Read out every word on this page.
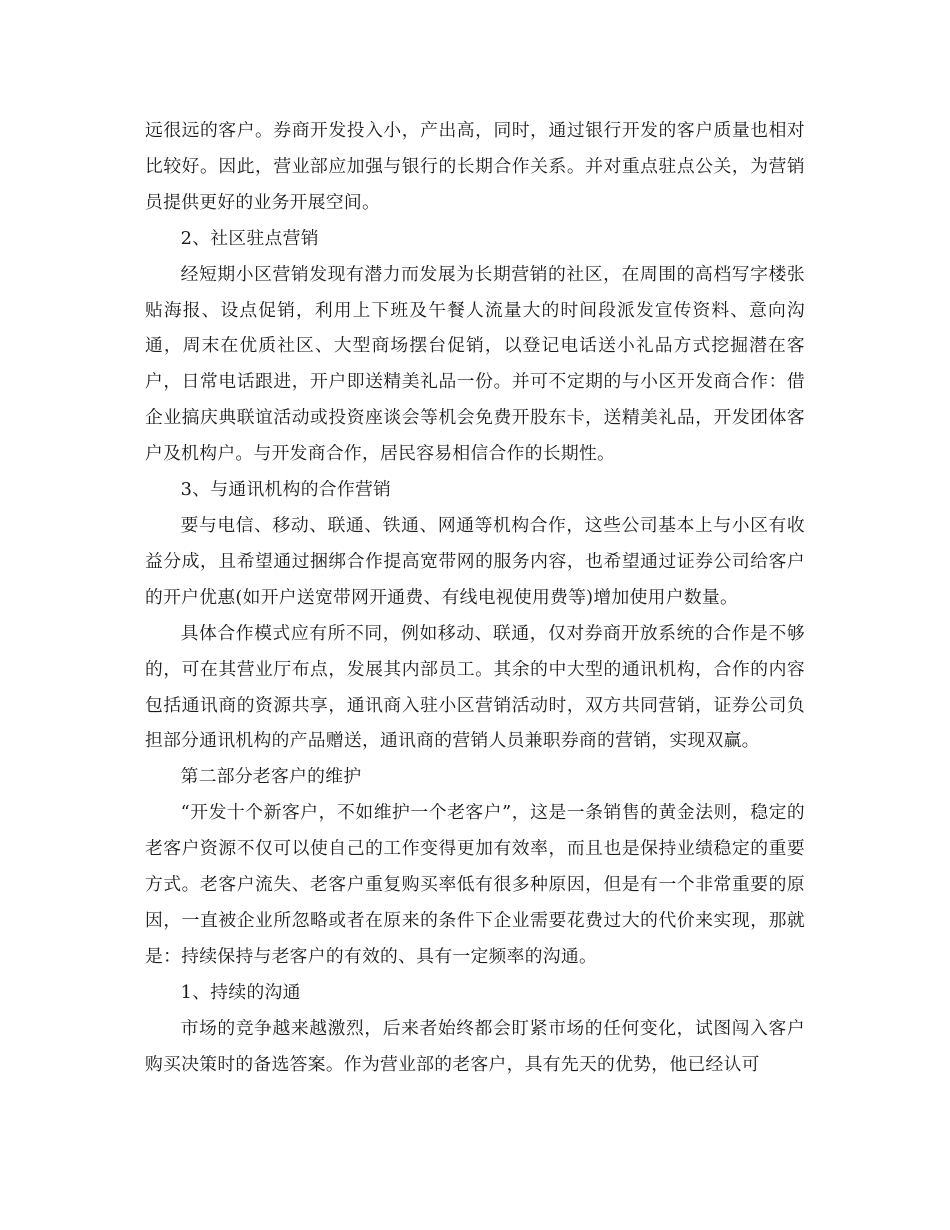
远很远的客户。券商开发投入小，产出高，同时，通过银行开发的客户质量也相对比较好。因此，营业部应加强与银行的长期合作关系。并对重点驻点公关，为营销员提供更好的业务开展空间。

2、社区驻点营销

经短期小区营销发现有潜力而发展为长期营销的社区，在周围的高档写字楼张贴海报、设点促销，利用上下班及午餐人流量大的时间段派发宣传资料、意向沟通，周末在优质社区、大型商场摆台促销，以登记电话送小礼品方式挖掘潜在客户，日常电话跟进，开户即送精美礼品一份。并可不定期的与小区开发商合作：借企业搞庆典联谊活动或投资座谈会等机会免费开股东卡，送精美礼品，开发团体客户及机构户。与开发商合作，居民容易相信合作的长期性。

3、与通讯机构的合作营销

要与电信、移动、联通、铁通、网通等机构合作，这些公司基本上与小区有收益分成，且希望通过捆绑合作提高宽带网的服务内容，也希望通过证券公司给客户的开户优惠(如开户送宽带网开通费、有线电视使用费等)增加使用户数量。

具体合作模式应有所不同，例如移动、联通，仅对券商开放系统的合作是不够的，可在其营业厅布点，发展其内部员工。其余的中大型的通讯机构，合作的内容包括通讯商的资源共享，通讯商入驻小区营销活动时，双方共同营销，证券公司负担部分通讯机构的产品赠送，通讯商的营销人员兼职券商的营销，实现双赢。

第二部分老客户的维护

“开发十个新客户，不如维护一个老客户”，这是一条销售的黄金法则，稳定的老客户资源不仅可以使自己的工作变得更加有效率，而且也是保持业绩稳定的重要方式。老客户流失、老客户重复购买率低有很多种原因，但是有一个非常重要的原因，一直被企业所忽略或者在原来的条件下企业需要花费过大的代价来实现，那就是：持续保持与老客户的有效的、具有一定频率的沟通。

1、持续的沟通

市场的竞争越来越激烈，后来者始终都会盯紧市场的任何变化，试图闯入客户购买决策时的备选答案。作为营业部的老客户，具有先天的优势，他已经认可
